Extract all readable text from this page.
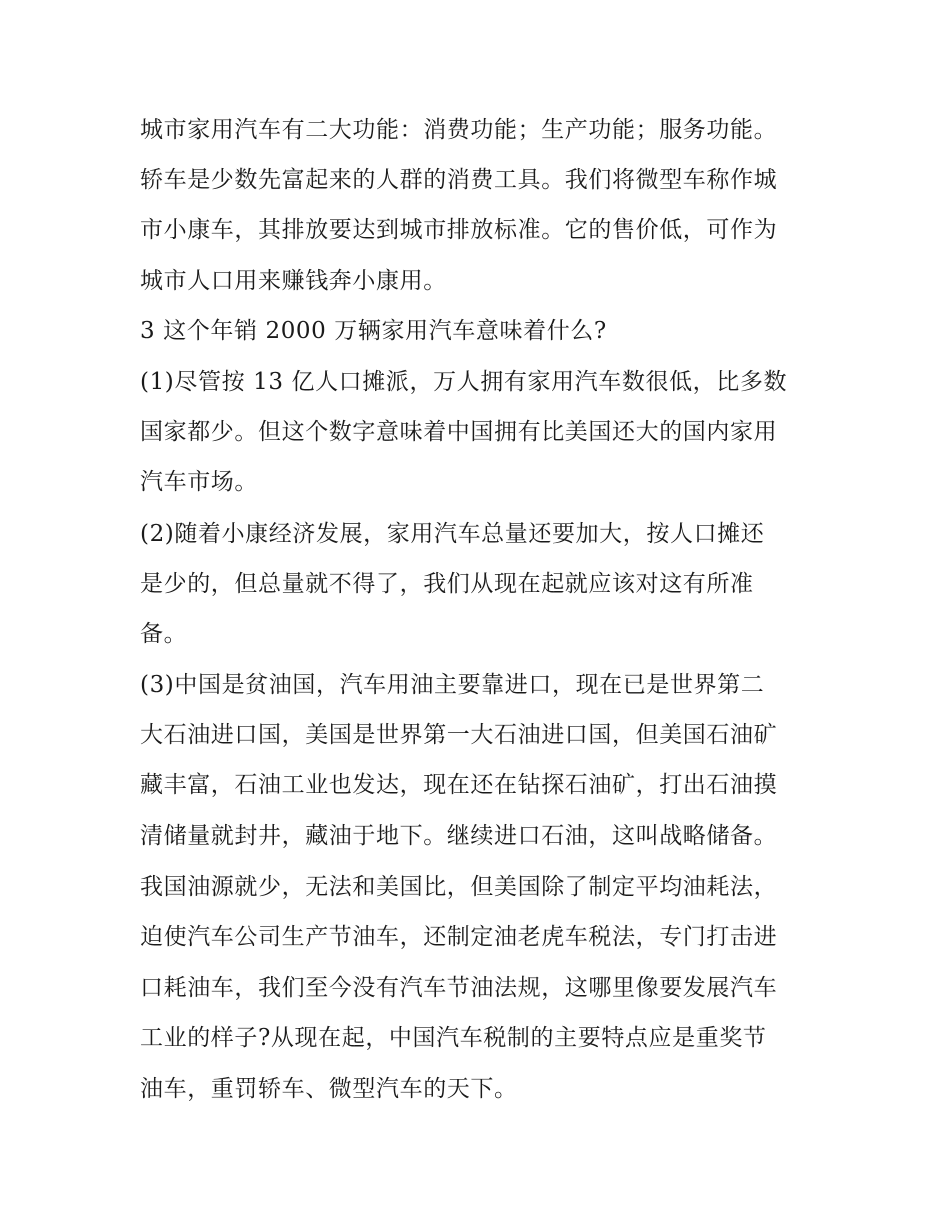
城市家用汽车有二大功能：消费功能；生产功能；服务功能。
轿车是少数先富起来的人群的消费工具。我们将微型车称作城
市小康车，其排放要达到城市排放标准。它的售价低，可作为
城市人口用来赚钱奔小康用。
3 这个年销 2000 万辆家用汽车意味着什么?
(1)尽管按 13 亿人口摊派，万人拥有家用汽车数很低，比多数
国家都少。但这个数字意味着中国拥有比美国还大的国内家用
汽车市场。
(2)随着小康经济发展，家用汽车总量还要加大，按人口摊还
是少的，但总量就不得了，我们从现在起就应该对这有所准
备。
(3)中国是贫油国，汽车用油主要靠进口，现在已是世界第二
大石油进口国，美国是世界第一大石油进口国，但美国石油矿
藏丰富，石油工业也发达，现在还在钻探石油矿，打出石油摸
清储量就封井，藏油于地下。继续进口石油，这叫战略储备。
我国油源就少，无法和美国比，但美国除了制定平均油耗法，
迫使汽车公司生产节油车，还制定油老虎车税法，专门打击进
口耗油车，我们至今没有汽车节油法规，这哪里像要发展汽车
工业的样子?从现在起，中国汽车税制的主要特点应是重奖节
油车，重罚轿车、微型汽车的天下。
